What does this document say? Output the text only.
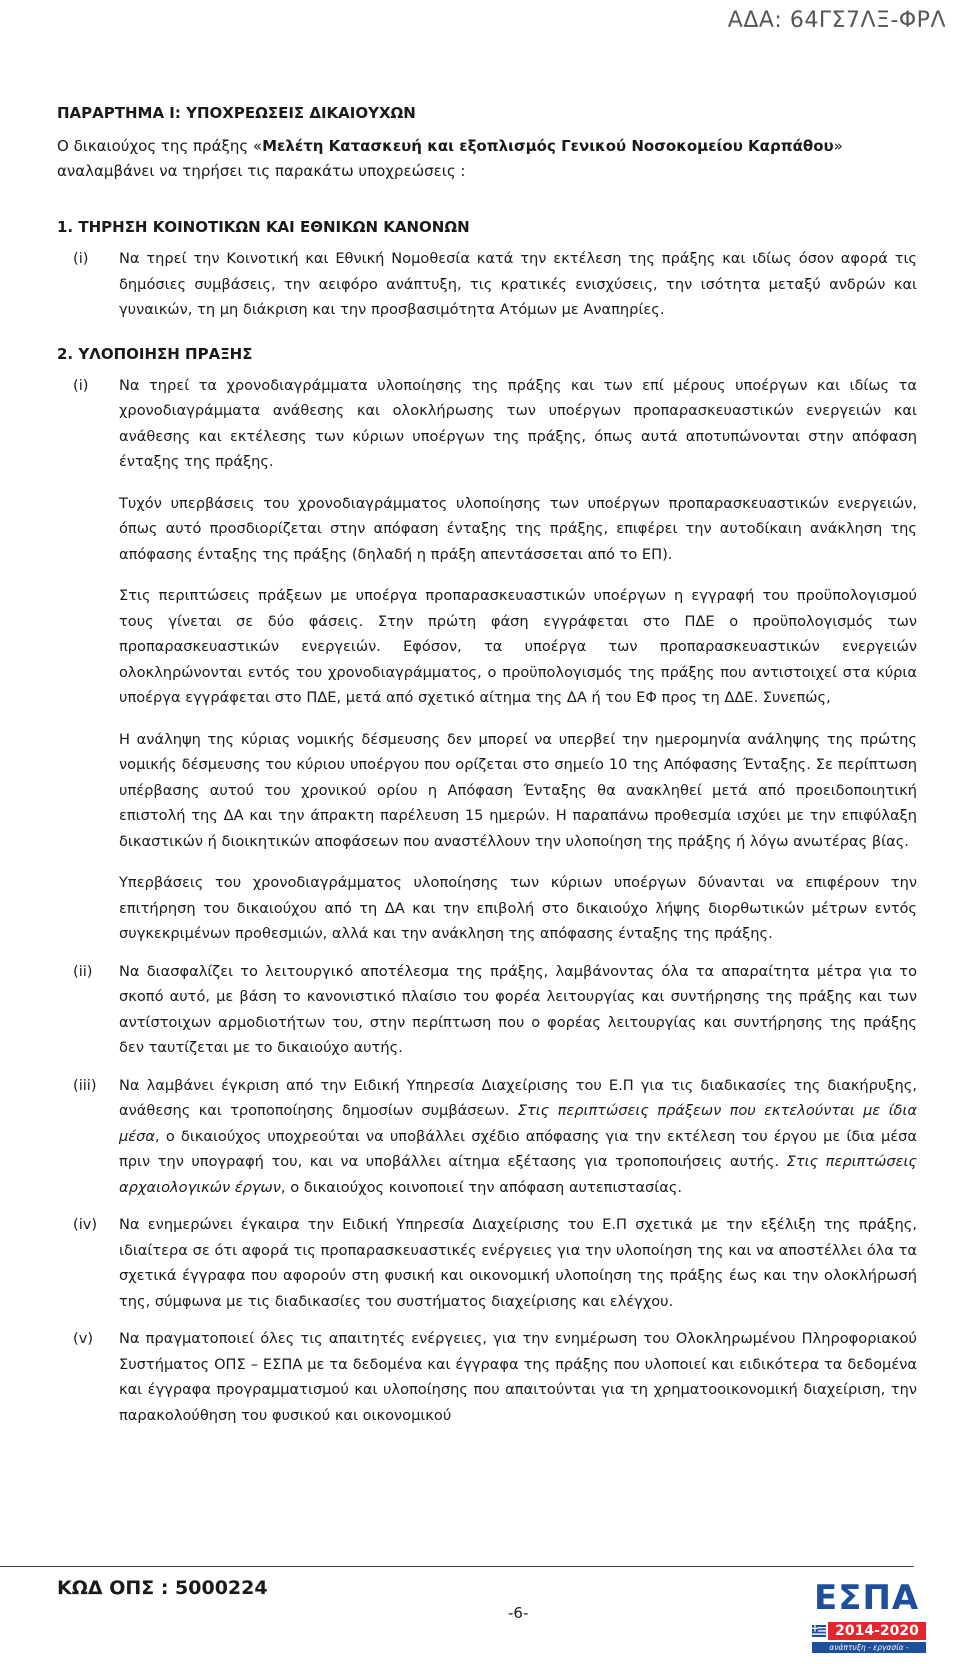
ΑΔΑ: 64ΓΣ7ΛΞ-ΦΡΛ

ΠΑΡΑΡΤΗΜΑ Ι: ΥΠΟΧΡΕΩΣΕΙΣ ΔΙΚΑΙΟΥΧΩΝ

Ο δικαιούχος της πράξης «Μελέτη Κατασκευή και εξοπλισμός Γενικού Νοσοκομείου Καρπάθου» αναλαμβάνει να τηρήσει τις παρακάτω υποχρεώσεις :

1. ΤΗΡΗΣΗ ΚΟΙΝΟΤΙΚΩΝ ΚΑΙ ΕΘΝΙΚΩΝ ΚΑΝΟΝΩΝ

(i)	Να τηρεί την Κοινοτική και Εθνική Νομοθεσία κατά την εκτέλεση της πράξης και ιδίως όσον αφορά τις δημόσιες συμβάσεις, την αειφόρο ανάπτυξη, τις κρατικές ενισχύσεις, την ισότητα μεταξύ ανδρών και γυναικών, τη μη διάκριση και την προσβασιμότητα Ατόμων με Αναπηρίες.

2. ΥΛΟΠΟΙΗΣΗ ΠΡΑΞΗΣ

(i)	Να τηρεί τα χρονοδιαγράμματα υλοποίησης της πράξης και των επί μέρους υποέργων και ιδίως τα χρονοδιαγράμματα ανάθεσης και ολοκλήρωσης των υποέργων προπαρασκευαστικών ενεργειών και ανάθεσης και εκτέλεσης των κύριων υποέργων της πράξης, όπως αυτά αποτυπώνονται στην απόφαση ένταξης της πράξης.

Τυχόν υπερβάσεις του χρονοδιαγράμματος υλοποίησης των υποέργων προπαρασκευαστικών ενεργειών, όπως αυτό προσδιορίζεται στην απόφαση ένταξης της πράξης, επιφέρει την αυτοδίκαιη ανάκληση της απόφασης ένταξης της πράξης (δηλαδή η πράξη απεντάσσεται από το ΕΠ).

Στις περιπτώσεις πράξεων με υποέργα προπαρασκευαστικών υποέργων η εγγραφή του προϋπολογισμού τους γίνεται σε δύο φάσεις. Στην πρώτη φάση εγγράφεται στο ΠΔΕ ο προϋπολογισμός των προπαρασκευαστικών ενεργειών. Εφόσον, τα υποέργα των προπαρασκευαστικών ενεργειών ολοκληρώνονται εντός του χρονοδιαγράμματος, ο προϋπολογισμός της πράξης που αντιστοιχεί στα κύρια υποέργα εγγράφεται στο ΠΔΕ, μετά από σχετικό αίτημα της ΔΑ ή του ΕΦ προς τη ΔΔΕ. Συνεπώς,

Η ανάληψη της κύριας νομικής δέσμευσης δεν μπορεί να υπερβεί την ημερομηνία ανάληψης της πρώτης νομικής δέσμευσης του κύριου υποέργου που ορίζεται στο σημείο 10 της Απόφασης Ένταξης. Σε περίπτωση υπέρβασης αυτού του χρονικού ορίου η Απόφαση Ένταξης θα ανακληθεί μετά από προειδοποιητική επιστολή της ΔΑ και την άπρακτη παρέλευση 15 ημερών. Η παραπάνω προθεσμία ισχύει με την επιφύλαξη δικαστικών ή διοικητικών αποφάσεων που αναστέλλουν την υλοποίηση της πράξης ή λόγω ανωτέρας βίας.

Υπερβάσεις του χρονοδιαγράμματος υλοποίησης των κύριων υποέργων δύνανται να επιφέρουν την επιτήρηση του δικαιούχου από τη ΔΑ και την επιβολή στο δικαιούχο λήψης διορθωτικών μέτρων εντός συγκεκριμένων προθεσμιών, αλλά και την ανάκληση της απόφασης ένταξης της πράξης.

(ii)	Να διασφαλίζει το λειτουργικό αποτέλεσμα της πράξης, λαμβάνοντας όλα τα απαραίτητα μέτρα για το σκοπό αυτό, με βάση το κανονιστικό πλαίσιο του φορέα λειτουργίας και συντήρησης της πράξης και των αντίστοιχων αρμοδιοτήτων του, στην περίπτωση που ο φορέας λειτουργίας και συντήρησης της πράξης δεν ταυτίζεται με το δικαιούχο αυτής.
(iii)	Να λαμβάνει έγκριση από την Ειδική Υπηρεσία Διαχείρισης του Ε.Π για τις διαδικασίες της διακήρυξης, ανάθεσης και τροποποίησης δημοσίων συμβάσεων. Στις περιπτώσεις πράξεων που εκτελούνται με ίδια μέσα, ο δικαιούχος υποχρεούται να υποβάλλει σχέδιο απόφασης για την εκτέλεση του έργου με ίδια μέσα πριν την υπογραφή του, και να υποβάλλει αίτημα εξέτασης για τροποποιήσεις αυτής. Στις περιπτώσεις αρχαιολογικών έργων, ο δικαιούχος κοινοποιεί την απόφαση αυτεπιστασίας.
(iv)	Να ενημερώνει έγκαιρα την Ειδική Υπηρεσία Διαχείρισης του Ε.Π σχετικά με την εξέλιξη της πράξης, ιδιαίτερα σε ότι αφορά τις προπαρασκευαστικές ενέργειες για την υλοποίηση της και να αποστέλλει όλα τα σχετικά έγγραφα που αφορούν στη φυσική και οικονομική υλοποίηση της πράξης έως και την ολοκλήρωσή της, σύμφωνα με τις διαδικασίες του συστήματος διαχείρισης και ελέγχου.
(v)	Να πραγματοποιεί όλες τις απαιτητές ενέργειες, για την ενημέρωση του Ολοκληρωμένου Πληροφοριακού Συστήματος ΟΠΣ – ΕΣΠΑ με τα δεδομένα και έγγραφα της πράξης που υλοποιεί και ειδικότερα τα δεδομένα και έγγραφα προγραμματισμού και υλοποίησης που απαιτούνται για τη χρηματοοικονομική διαχείριση, την παρακολούθηση του φυσικού και οικονομικού
ΚΩΔ ΟΠΣ : 5000224
-6-	ΕΣΠΑ
2014-2020
ανάπτυξη - εργασία - αλληλεγγύη
